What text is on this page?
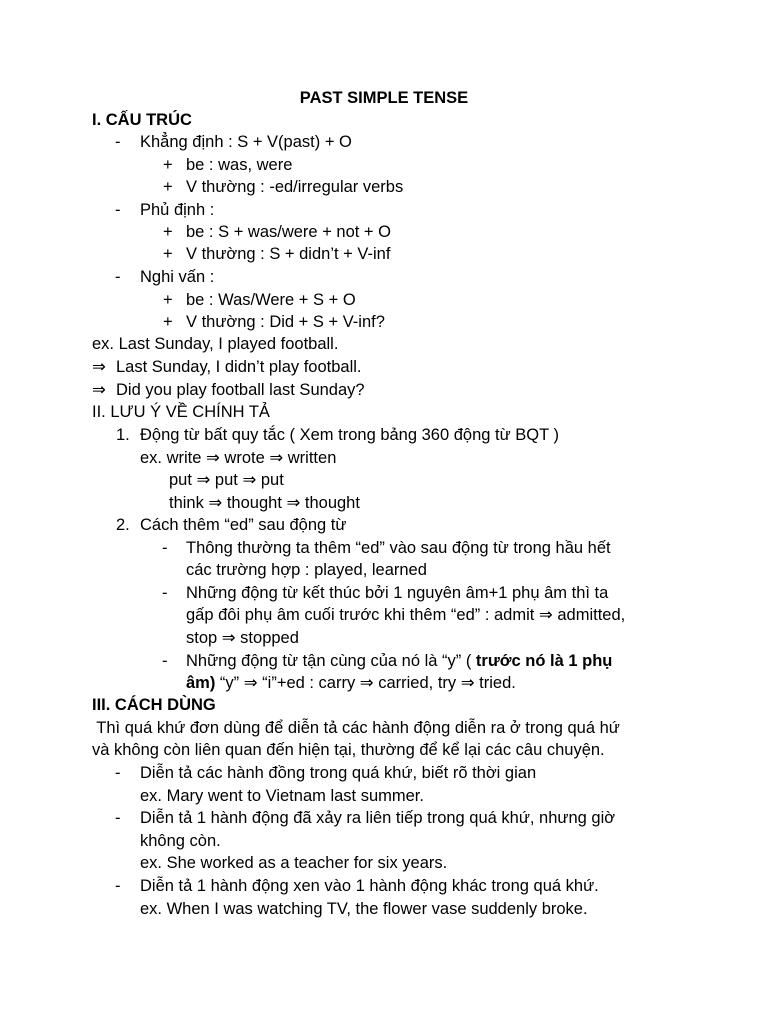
PAST SIMPLE TENSE
I. CẤU TRÚC
- Khẳng định : S + V(past) + O
+ be : was, were
+ V thường : -ed/irregular verbs
- Phủ định :
+ be : S + was/were + not + O
+ V thường : S + didn’t + V-inf
- Nghi vấn :
+ be : Was/Were + S + O
+ V thường : Did + S + V-inf?
ex. Last Sunday, I played football.
⇒ Last Sunday, I didn’t play football.
⇒ Did you play football last Sunday?
II. LƯU Ý VỀ CHÍNH TẢ
1. Động từ bất quy tắc ( Xem trong bảng 360 động từ BQT )
ex. write ⇒ wrote ⇒ written
put ⇒ put ⇒ put
think ⇒ thought ⇒ thought
2. Cách thêm “ed” sau động từ
- Thông thường ta thêm “ed” vào sau động từ trong hầu hết
các trường hợp : played, learned
- Những động từ kết thúc bởi 1 nguyên âm+1 phụ âm thì ta
gấp đôi phụ âm cuối trước khi thêm “ed” : admit ⇒ admitted,
stop ⇒ stopped
- Những động từ tận cùng của nó là “y” ( trước nó là 1 phụ
âm) “y” ⇒ “i”+ed : carry ⇒ carried, try ⇒ tried.
III. CÁCH DÙNG
Thì quá khứ đơn dùng để diễn tả các hành động diễn ra ở trong quá hứ
và không còn liên quan đến hiện tại, thường để kể lại các câu chuyện.
- Diễn tả các hành đồng trong quá khứ, biết rõ thời gian
ex. Mary went to Vietnam last summer.
- Diễn tả 1 hành động đã xảy ra liên tiếp trong quá khứ, nhưng giờ
không còn.
ex. She worked as a teacher for six years.
- Diễn tả 1 hành động xen vào 1 hành động khác trong quá khứ.
ex. When I was watching TV, the flower vase suddenly broke.
